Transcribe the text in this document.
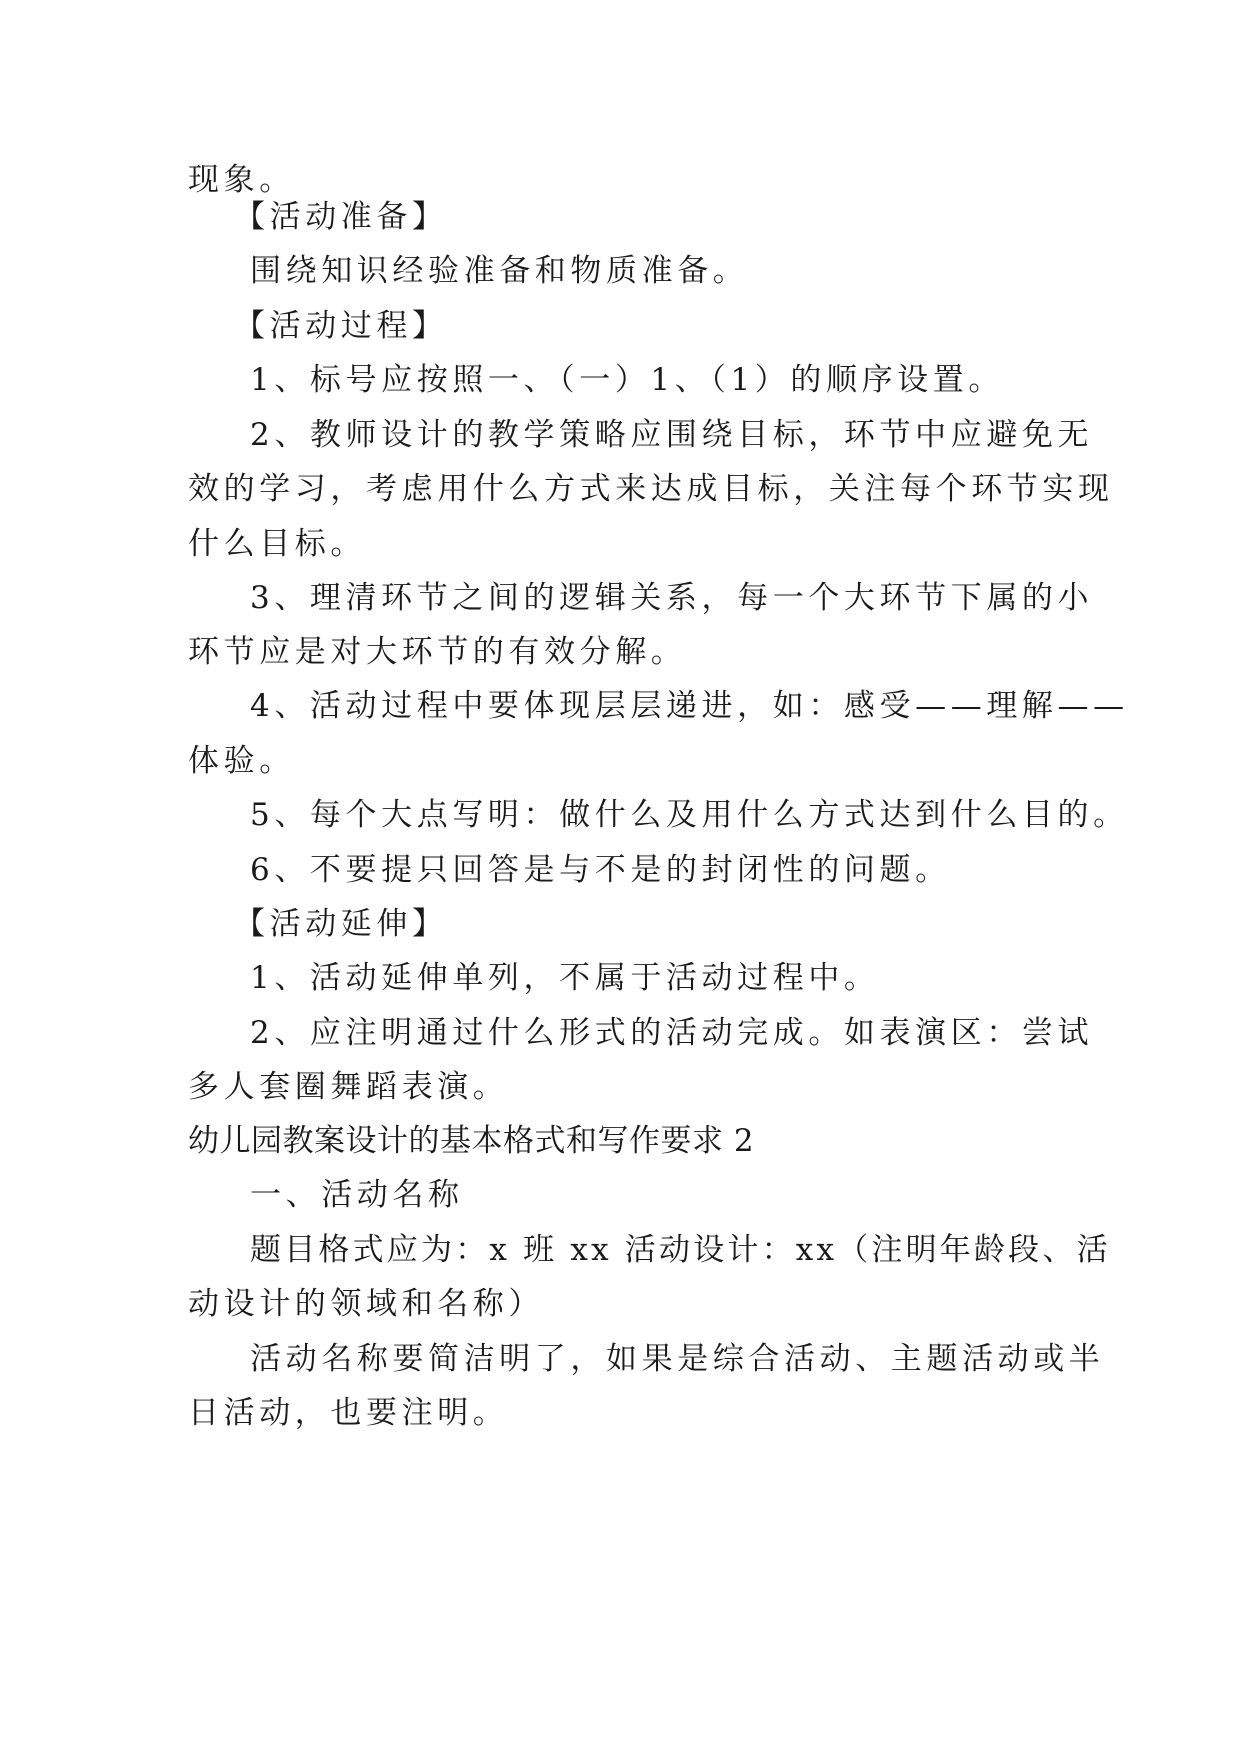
现象。
【活动准备】
围绕知识经验准备和物质准备。
【活动过程】
1、标号应按照一、（一）1、（1）的顺序设置。
2、教师设计的教学策略应围绕目标，环节中应避免无
效的学习，考虑用什么方式来达成目标，关注每个环节实现
什么目标。
3、理清环节之间的逻辑关系，每一个大环节下属的小
环节应是对大环节的有效分解。
4、活动过程中要体现层层递进，如：感受——理解——
体验。
5、每个大点写明：做什么及用什么方式达到什么目的。
6、不要提只回答是与不是的封闭性的问题。
【活动延伸】
1、活动延伸单列，不属于活动过程中。
2、应注明通过什么形式的活动完成。如表演区：尝试
多人套圈舞蹈表演。
幼儿园教案设计的基本格式和写作要求 2
一、活动名称
题目格式应为：x 班 xx 活动设计：xx（注明年龄段、活
动设计的领域和名称）
活动名称要简洁明了，如果是综合活动、主题活动或半
日活动，也要注明。
